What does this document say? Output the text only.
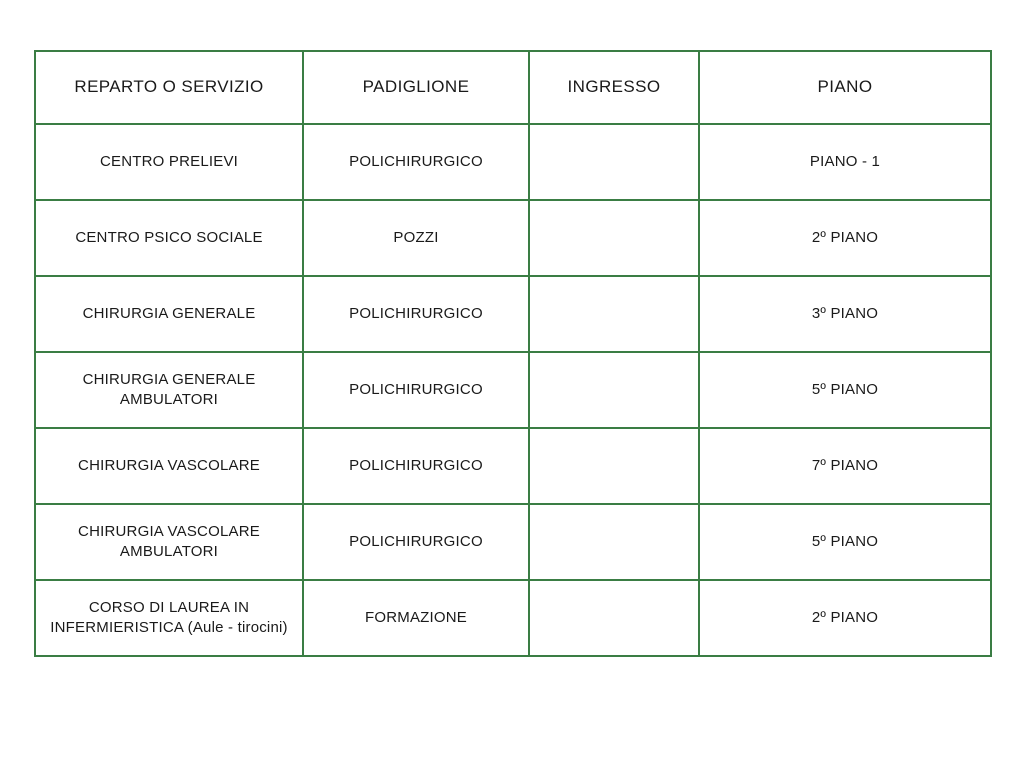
REPARTO O SERVIZIO	PADIGLIONE	INGRESSO	PIANO
CENTRO PRELIEVI	POLICHIRURGICO		PIANO - 1
CENTRO PSICO SOCIALE	POZZI		2º PIANO
CHIRURGIA GENERALE	POLICHIRURGICO		3º PIANO
CHIRURGIA GENERALE AMBULATORI	POLICHIRURGICO		5º PIANO
CHIRURGIA VASCOLARE	POLICHIRURGICO		7º PIANO
CHIRURGIA VASCOLARE AMBULATORI	POLICHIRURGICO		5º PIANO
CORSO DI LAUREA IN INFERMIERISTICA (Aule - tirocini)	FORMAZIONE		2º PIANO
